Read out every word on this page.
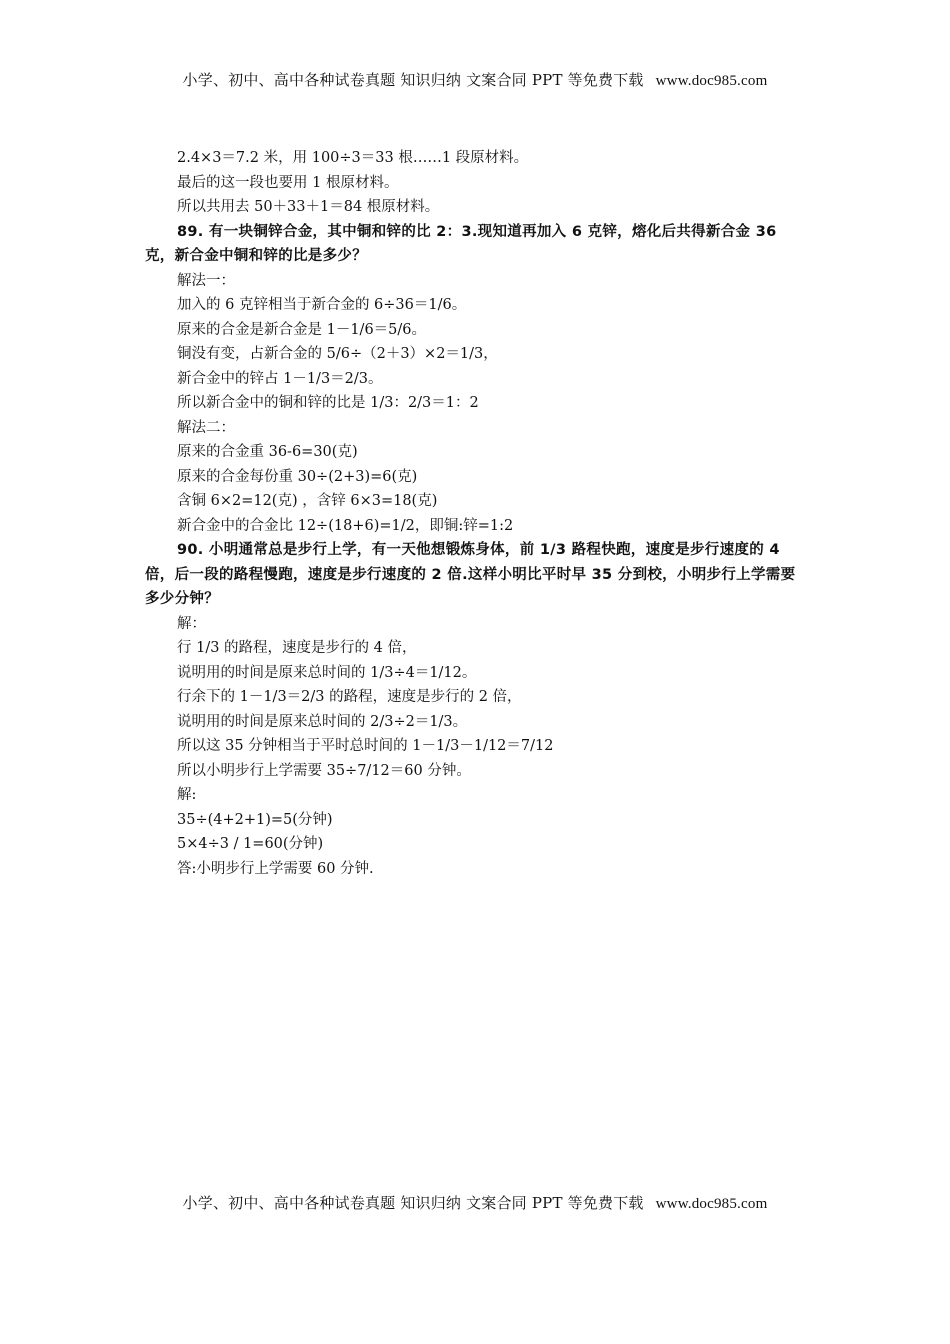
小学、初中、高中各种试卷真题 知识归纳 文案合同 PPT 等免费下载 www.doc985.com
2.4×3＝7.2 米，用 100÷3＝33 根……1 段原材料。
最后的这一段也要用 1 根原材料。
所以共用去 50＋33＋1＝84 根原材料。
89. 有一块铜锌合金，其中铜和锌的比 2：3.现知道再加入 6 克锌，熔化后共得新合金 36 克，新合金中铜和锌的比是多少？
解法一：
加入的 6 克锌相当于新合金的 6÷36＝1/6。
原来的合金是新合金是 1－1/6＝5/6。
铜没有变，占新合金的 5/6÷（2＋3）×2＝1/3，
新合金中的锌占 1－1/3＝2/3。
所以新合金中的铜和锌的比是 1/3：2/3＝1：2
解法二：
原来的合金重 36-6=30(克)
原来的合金每份重 30÷(2+3)=6(克)
含铜 6×2=12(克) ，含锌 6×3=18(克)
新合金中的合金比 12÷(18+6)=1/2，即铜:锌=1:2
90. 小明通常总是步行上学，有一天他想锻炼身体，前 1/3 路程快跑，速度是步行速度的 4 倍，后一段的路程慢跑，速度是步行速度的 2 倍.这样小明比平时早 35 分到校，小明步行上学需要多少分钟？
解：
行 1/3 的路程，速度是步行的 4 倍，
说明用的时间是原来总时间的 1/3÷4＝1/12。
行余下的 1－1/3＝2/3 的路程，速度是步行的 2 倍，
说明用的时间是原来总时间的 2/3÷2＝1/3。
所以这 35 分钟相当于平时总时间的 1－1/3－1/12＝7/12
所以小明步行上学需要 35÷7/12＝60 分钟。
解:
35÷(4+2+1)=5(分钟)
5×4÷3 / 1=60(分钟)
答:小明步行上学需要 60 分钟.
小学、初中、高中各种试卷真题 知识归纳 文案合同 PPT 等免费下载 www.doc985.com
